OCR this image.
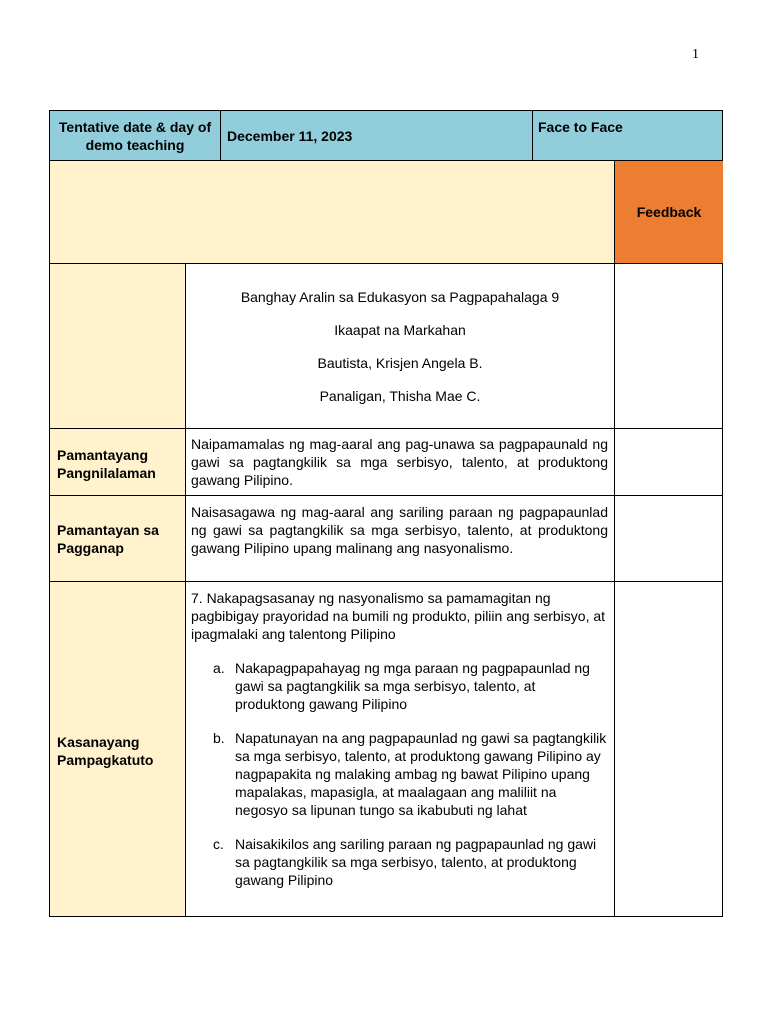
1
Tentative date & day of demo teaching
December 11, 2023
Face to Face
Feedback
Banghay Aralin sa Edukasyon sa Pagpapahalaga 9
Ikaapat na Markahan
Bautista, Krisjen Angela B.
Panaligan, Thisha Mae C.
Pamantayang Pangnilalaman
Naipamamalas ng mag-aaral ang pag-unawa sa pagpapaunald ng gawi sa pagtangkilik sa mga serbisyo, talento, at produktong gawang Pilipino.
Pamantayan sa Pagganap
Naisasagawa ng mag-aaral ang sariling paraan ng pagpapaunlad ng gawi sa pagtangkilik sa mga serbisyo, talento, at produktong gawang Pilipino upang malinang ang nasyonalismo.
Kasanayang Pampagkatuto
7. Nakapagsasanay ng nasyonalismo sa pamamagitan ng pagbibigay prayoridad na bumili ng produkto, piliin ang serbisyo, at ipagmalaki ang talentong Pilipino
a. Nakapagpapahayag ng mga paraan ng pagpapaunlad ng gawi sa pagtangkilik sa mga serbisyo, talento, at produktong gawang Pilipino
b. Napatunayan na ang pagpapaunlad ng gawi sa pagtangkilik sa mga serbisyo, talento, at produktong gawang Pilipino ay nagpapakita ng malaking ambag ng bawat Pilipino upang mapalakas, mapasigla, at maalagaan ang maliliit na negosyo sa lipunan tungo sa ikabubuti ng lahat
c. Naisakikilos ang sariling paraan ng pagpapaunlad ng gawi sa pagtangkilik sa mga serbisyo, talento, at produktong gawang Pilipino
